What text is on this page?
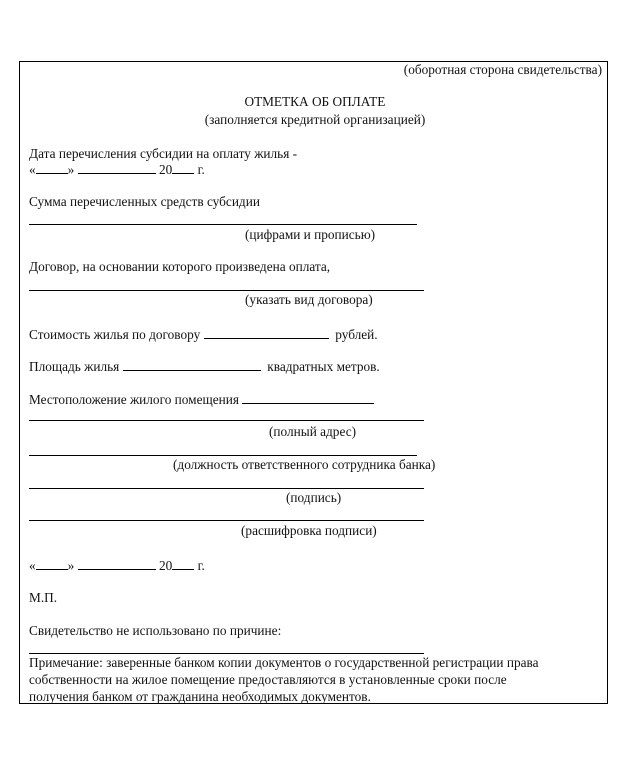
(оборотная сторона свидетельства)
ОТМЕТКА ОБ ОПЛАТЕ
(заполняется кредитной организацией)
Дата перечисления субсидии на оплату жилья -
« »	20 г.
Сумма перечисленных средств субсидии
(цифрами и прописью)
Договор, на основании которого произведена оплата,
(указать вид договора)
Стоимость жилья по договору	рублей.
Площадь жилья	квадратных метров.
Местоположение жилого помещения
(полный адрес)
(должность ответственного сотрудника банка)
(подпись)
(расшифровка подписи)
« »	20 г.
М.П.
Свидетельство не использовано по причине:
Примечание: заверенные банком копии документов о государственной регистрации права
собственности на жилое помещение предоставляются в установленные сроки после
получения банком от гражданина необходимых документов.
